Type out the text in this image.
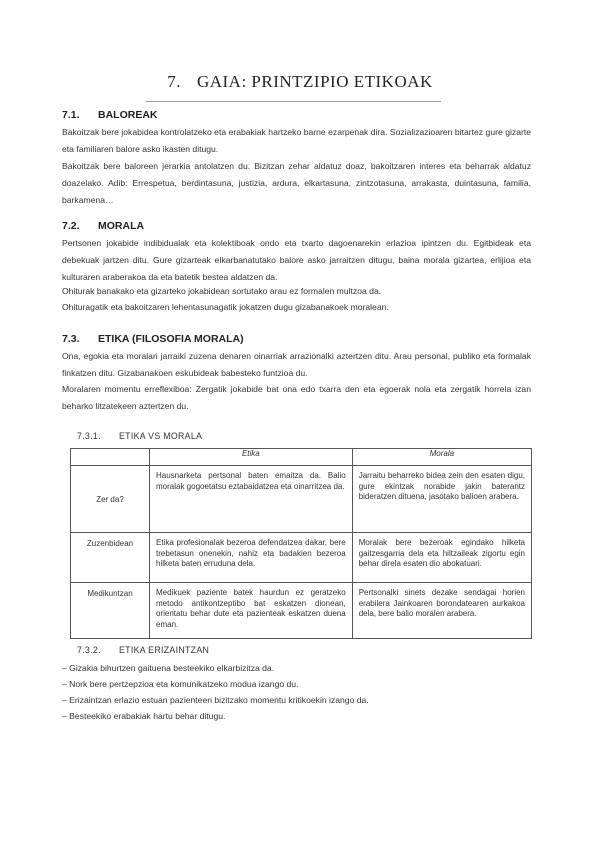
7. GAIA: PRINTZIPIO ETIKOAK
7.1. BALOREAK
Bakoitzak bere jokabidea kontrolatzeko eta erabakiak hartzeko barne ezarpenak dira. Sozializazioaren bitartez gure gizarte eta familiaren balore asko ikasten ditugu.
Bakoitzak bere baloreen jerarkia antolatzen du. Bizitzan zehar aldatuz doaz, bakoitzaren interes eta beharrak aldatuz doazelako. Adib: Errespetua, berdintasuna, justizia, ardura, elkartasuna, zintzotasuna, arrakasta, duintasuna, familia, barkamena…
7.2. MORALA
Pertsonen jokabide indibidualak eta kolektiboak ondo eta txarto dagoenarekin erlazioa ipintzen du. Egitbideak eta debekuak jartzen ditu. Gure gizarteak elkarbanatutako balore asko jarraitzen ditugu, baina morala gizartea, erlijioa eta kulturaren araberakoa da eta batetik bestea aldatzen da.
Ohiturak banakako eta gizarteko jokabidean sortutako arau ez formalen multzoa da.
Ohituragatik eta bakoitzaren lehentasunagatik jokatzen dugu gizabanakoek moralean.
7.3. ETIKA (FILOSOFIA MORALA)
Ona, egokia eta moralari jarraiki zuzena denaren oinarriak arrazionalki aztertzen ditu. Arau personal, publiko eta formalak finkatzen ditu. Gizabanakoen eskubideak babesteko funtzioa du.
Moralaren momentu erreflexiboa: Zergatik jokabide bat ona edo txarra den eta egoerak nola eta zergatik horrela izan beharko litzatekeen aztertzen du.
7.3.1. ETIKA VS MORALA
	Etika	Morala
Zer da?	Hausnarketa pertsonal baten emaitza da. Balio moralak gogoetatsu eztabaidatzea eta oinarritzea da.	Jarraitu beharreko bidea zein den esaten digu, gure ekintzak norabide jakin baterantz bideratzen dituena, jasotako balioen arabera.
Zuzenbidean	Etika profesionalak bezeroa defendatzea dakar, bere trebetasun onenekin, nahiz eta badakien bezeroa hilketa baten erruduna dela.	Moralak bere bezeroak egindako hilketa gaitzesgarria dela eta hiltzaileak zigortu egin behar direla esaten dio abokatuari.
Medikuntzan	Medikuek paziente batek haurdun ez geratzeko metodo antikontzeptibo bat eskatzen dionean, orientatu behar dute eta pazienteak eskatzen duena eman.	Pertsonalki sinets dezake sendagai horien erabilera Jainkoaren borondatearen aurkakoa dela, bere balio moralen arabera.
7.3.2. ETIKA ERIZAINTZAN
– Gizakia bihurtzen gaituena besteekiko elkarbizitza da.
– Nork bere pertzepzioa eta komunikatzeko modua izango du.
– Erizaintzan erlazio estuan pazienteen bizitzako momentu kritikoekin izango da.
– Besteekiko erabakiak hartu behar ditugu.
